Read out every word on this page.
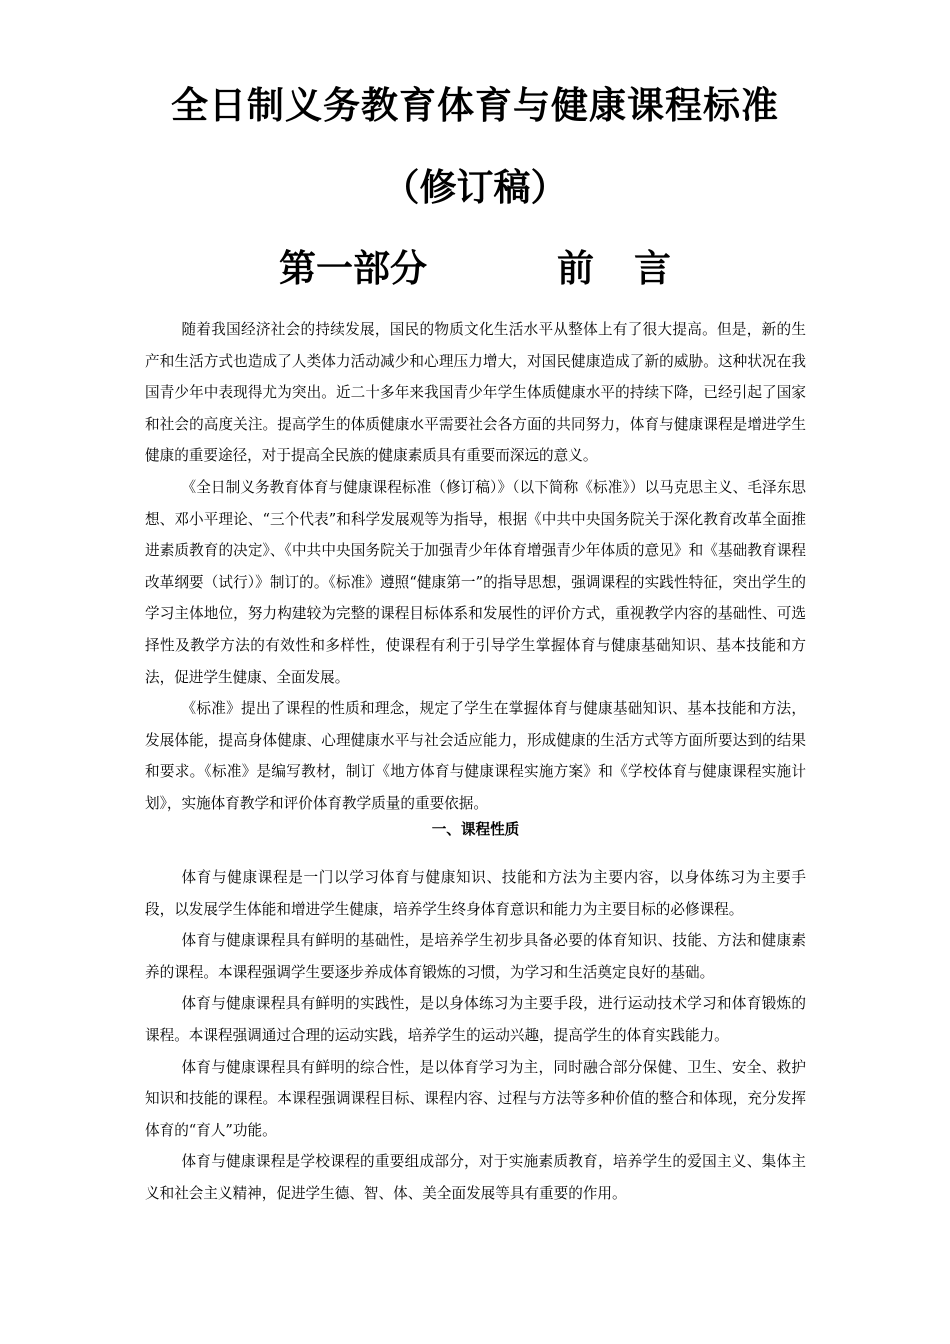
全日制义务教育体育与健康课程标准
（修订稿）
第一部分	前 言

随着我国经济社会的持续发展，国民的物质文化生活水平从整体上有了很大提高。但是，新的生产和生活方式也造成了人类体力活动减少和心理压力增大，对国民健康造成了新的威胁。这种状况在我国青少年中表现得尤为突出。近二十多年来我国青少年学生体质健康水平的持续下降，已经引起了国家和社会的高度关注。提高学生的体质健康水平需要社会各方面的共同努力，体育与健康课程是增进学生健康的重要途径，对于提高全民族的健康素质具有重要而深远的意义。

《全日制义务教育体育与健康课程标准（修订稿）》（以下简称《标准》）以马克思主义、毛泽东思想、邓小平理论、“三个代表”和科学发展观等为指导，根据《中共中央国务院关于深化教育改革全面推进素质教育的决定》、《中共中央国务院关于加强青少年体育增强青少年体质的意见》和《基础教育课程改革纲要（试行）》制订的。《标准》遵照“健康第一”的指导思想，强调课程的实践性特征，突出学生的学习主体地位，努力构建较为完整的课程目标体系和发展性的评价方式，重视教学内容的基础性、可选择性及教学方法的有效性和多样性，使课程有利于引导学生掌握体育与健康基础知识、基本技能和方法，促进学生健康、全面发展。

《标准》提出了课程的性质和理念，规定了学生在掌握体育与健康基础知识、基本技能和方法，发展体能，提高身体健康、心理健康水平与社会适应能力，形成健康的生活方式等方面所要达到的结果和要求。《标准》是编写教材，制订《地方体育与健康课程实施方案》和《学校体育与健康课程实施计划》，实施体育教学和评价体育教学质量的重要依据。

一、课程性质

体育与健康课程是一门以学习体育与健康知识、技能和方法为主要内容，以身体练习为主要手段，以发展学生体能和增进学生健康，培养学生终身体育意识和能力为主要目标的必修课程。

体育与健康课程具有鲜明的基础性，是培养学生初步具备必要的体育知识、技能、方法和健康素养的课程。本课程强调学生要逐步养成体育锻炼的习惯，为学习和生活奠定良好的基础。

体育与健康课程具有鲜明的实践性，是以身体练习为主要手段，进行运动技术学习和体育锻炼的课程。本课程强调通过合理的运动实践，培养学生的运动兴趣，提高学生的体育实践能力。

体育与健康课程具有鲜明的综合性，是以体育学习为主，同时融合部分保健、卫生、安全、救护知识和技能的课程。本课程强调课程目标、课程内容、过程与方法等多种价值的整合和体现，充分发挥体育的“育人”功能。

体育与健康课程是学校课程的重要组成部分，对于实施素质教育，培养学生的爱国主义、集体主义和社会主义精神，促进学生德、智、体、美全面发展等具有重要的作用。
